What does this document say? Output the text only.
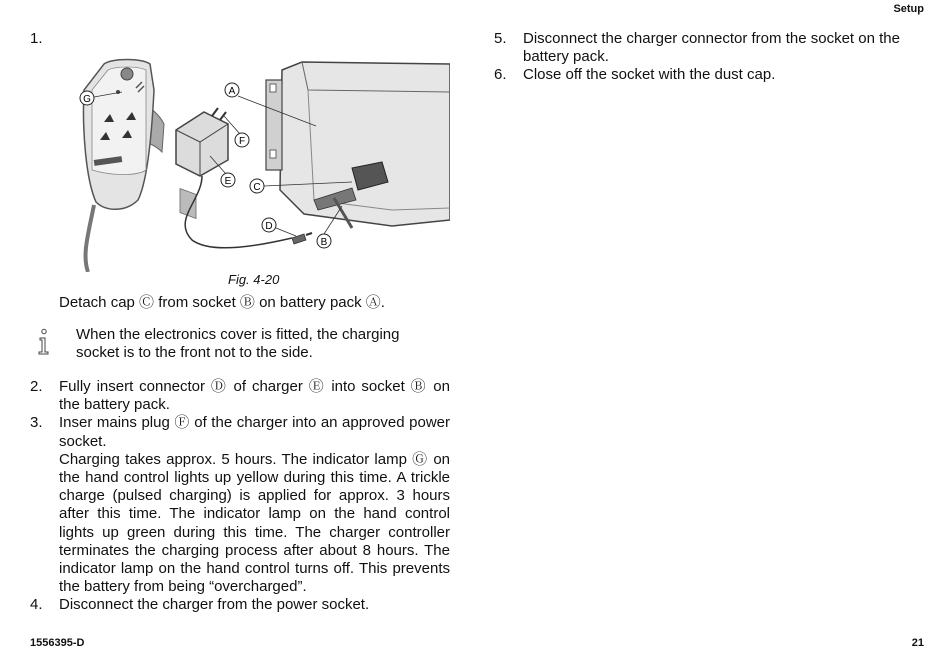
Setup
1.
G
A
F
E
C
D
B
Fig. 4-20
Detach cap Ⓒ from socket Ⓑ on battery pack Ⓐ.
When the electronics cover is fitted, the charging socket is to the front not to the side.
2. Fully insert connector Ⓓ of charger Ⓔ into socket Ⓑ on the battery pack.
3. Inser mains plug Ⓕ of the charger into an approved power socket.
Charging takes approx. 5 hours. The indicator lamp Ⓖ on the hand control lights up yellow during this time. A trickle charge (pulsed charging) is applied for approx. 3 hours after this time. The indicator lamp on the hand control lights up green during this time. The charger controller terminates the charging process after about 8 hours. The indicator lamp on the hand control turns off. This prevents the battery from being “overcharged”.
4. Disconnect the charger from the power socket.
5. Disconnect the charger connector from the socket on the battery pack.
6. Close off the socket with the dust cap.
1556395-D	21
